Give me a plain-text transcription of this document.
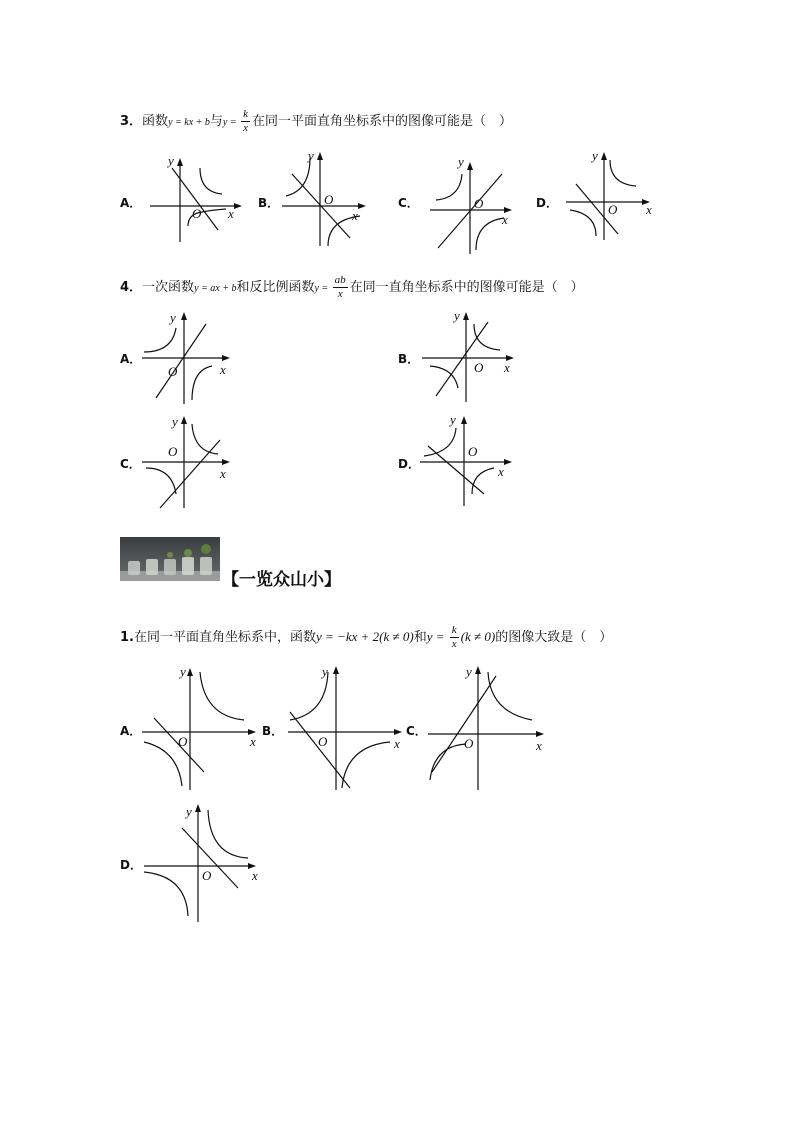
3．函数y = kx + b与$y = \frac{k}{x}$ 在同一平面直角坐标系中的图像可能是（　）
A．
y
x
O
B．
y
x
O	C．
y
x
O	D．
y
x
O
4．一次函数y = ax + b和反比例函数$y = \frac{ab}{x}$ 在同一直角坐标系中的图像可能是（　）
A．
y
x
O
B．
y
x
O
C．
y
x
O
D．
y
x
O
【一览众山小】
1.在同一平面直角坐标系中，函数y = −kx + 2(k ≠ 0)和$y = \frac{k}{x} (k \ne 0)$的图像大致是（　）
A．
y
x
O
B．
y
x
O
C．
y
x
O
D．
y
x
O
